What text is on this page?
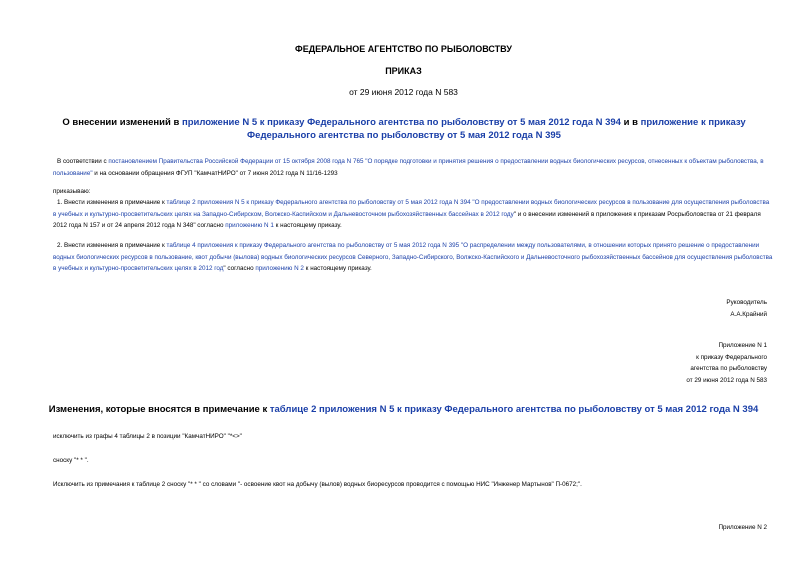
ФЕДЕРАЛЬНОЕ АГЕНТСТВО ПО РЫБОЛОВСТВУ
ПРИКАЗ
от 29 июня 2012 года N 583
О внесении изменений в приложение N 5 к приказу Федерального агентства по рыболовству от 5 мая 2012 года N 394 и в приложение к приказу Федерального агентства по рыболовству от 5 мая 2012 года N 395
В соответствии с постановлением Правительства Российской Федерации от 15 октября 2008 года N 765 "О порядке подготовки и принятия решения о предоставлении водных биологических ресурсов, отнесенных к объектам рыболовства, в пользование" и на основании обращения ФГУП "КамчатНИРО" от 7 июня 2012 года N 11/16-1293
приказываю:
1. Внести изменения в примечание к таблице 2 приложения N 5 к приказу Федерального агентства по рыболовству от 5 мая 2012 года N 394 "О предоставлении водных биологических ресурсов в пользование для осуществления рыболовства в учебных и культурно-просветительских целях на Западно-Сибирском, Волжско-Каспийском и Дальневосточном рыбохозяйственных бассейнах в 2012 году" и о внесении изменений в приложения к приказам Росрыболовства от 21 февраля 2012 года N 157 и от 24 апреля 2012 года N 348" согласно приложению N 1 к настоящему приказу.
2. Внести изменения в примечание к таблице 4 приложения к приказу Федерального агентства по рыболовству от 5 мая 2012 года N 395 "О распределении между пользователями, в отношении которых принято решение о предоставлении водных биологических ресурсов в пользование, квот добычи (вылова) водных биологических ресурсов Северного, Западно-Сибирского, Волжско-Каспийского и Дальневосточного рыбохозяйственных бассейнов для осуществления рыболовства в учебных и культурно-просветительских целях в 2012 год" согласно приложению N 2 к настоящему приказу.

Руководитель

А.А.Крайний

Приложение N 1

к приказу Федерального

агентства по рыболовству

от 29 июня 2012 года N 583

Изменения, которые вносятся в примечание к таблице 2 приложения N 5 к приказу Федерального агентства по рыболовству от 5 мая 2012 года N 394
исключить из графы 4 таблицы 2 в позиции "КамчатНИРО" "*<>"
сноску "* * ".
Исключить из примечания к таблице 2 сноску "* * " со словами "- освоение квот на добычу (вылов) водных биоресурсов проводится с помощью НИС "Инженер Мартынов" П-0672;".
Приложение N 2
